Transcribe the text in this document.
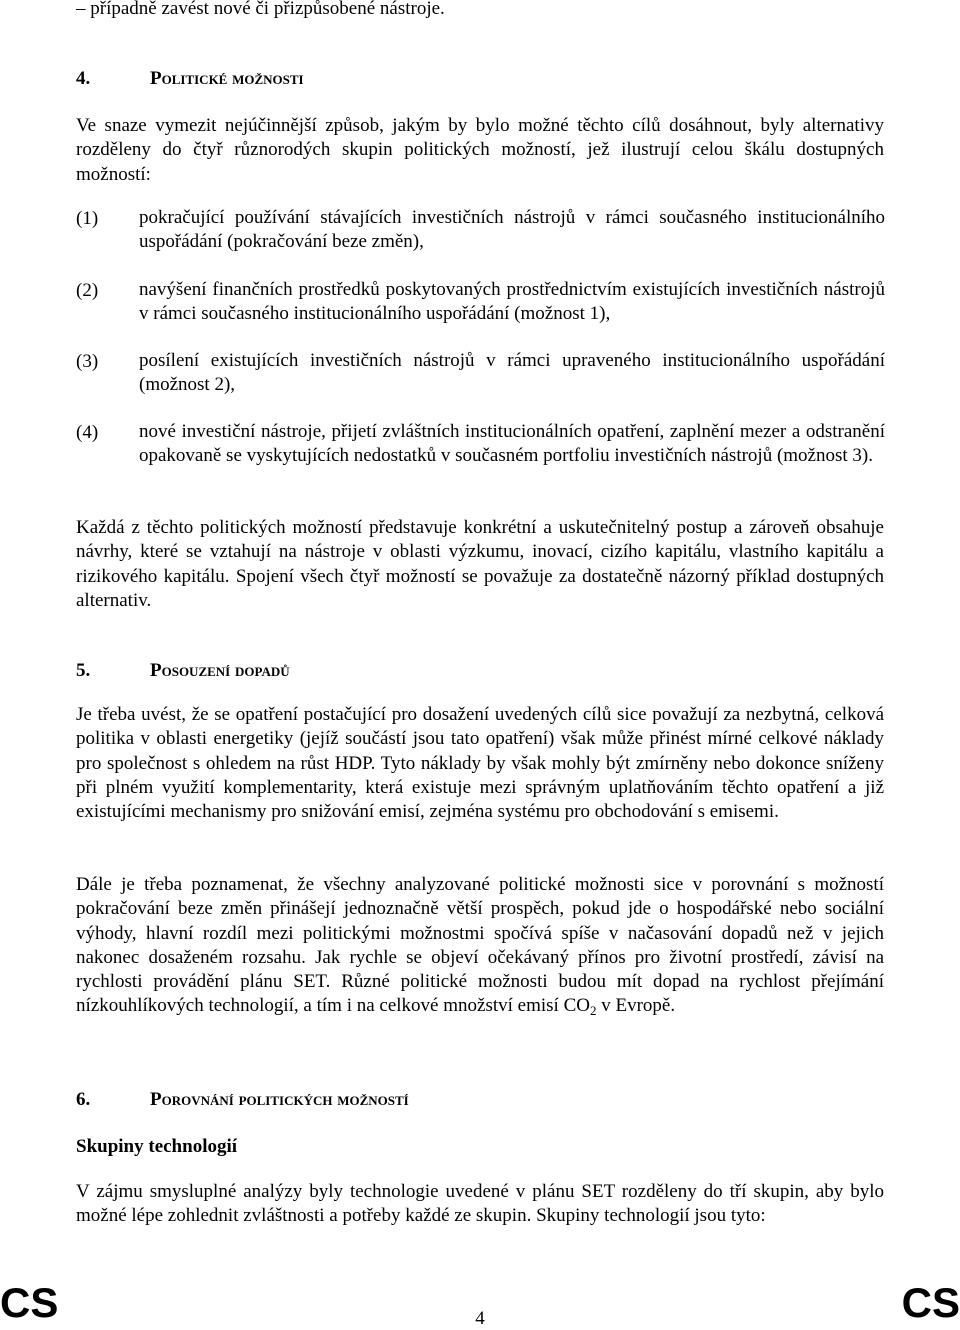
– případně zavést nové či přizpůsobené nástroje.
4.	Politické možnosti
Ve snaze vymezit nejúčinnější způsob, jakým by bylo možné těchto cílů dosáhnout, byly alternativy rozděleny do čtyř různorodých skupin politických možností, jež ilustrují celou škálu dostupných možností:
(1)	pokračující používání stávajících investičních nástrojů v rámci současného institucionálního uspořádání (pokračování beze změn),
(2)	navýšení finančních prostředků poskytovaných prostřednictvím existujících investičních nástrojů v rámci současného institucionálního uspořádání (možnost 1),
(3)	posílení existujících investičních nástrojů v rámci upraveného institucionálního uspořádání (možnost 2),
(4)	nové investiční nástroje, přijetí zvláštních institucionálních opatření, zaplnění mezer a odstranění opakovaně se vyskytujících nedostatků v současném portfoliu investičních nástrojů (možnost 3).
Každá z těchto politických možností představuje konkrétní a uskutečnitelný postup a zároveň obsahuje návrhy, které se vztahují na nástroje v oblasti výzkumu, inovací, cizího kapitálu, vlastního kapitálu a rizikového kapitálu. Spojení všech čtyř možností se považuje za dostatečně názorný příklad dostupných alternativ.
5.	Posouzení dopadů
Je třeba uvést, že se opatření postačující pro dosažení uvedených cílů sice považují za nezbytná, celková politika v oblasti energetiky (jejíž součástí jsou tato opatření) však může přinést mírné celkové náklady pro společnost s ohledem na růst HDP. Tyto náklady by však mohly být zmírněny nebo dokonce sníženy při plném využití komplementarity, která existuje mezi správným uplatňováním těchto opatření a již existujícími mechanismy pro snižování emisí, zejména systému pro obchodování s emisemi.
Dále je třeba poznamenat, že všechny analyzované politické možnosti sice v porovnání s možností pokračování beze změn přinášejí jednoznačně větší prospěch, pokud jde o hospodářské nebo sociální výhody, hlavní rozdíl mezi politickými možnostmi spočívá spíše v načasování dopadů než v jejich nakonec dosaženém rozsahu. Jak rychle se objeví očekávaný přínos pro životní prostředí, závisí na rychlosti provádění plánu SET. Různé politické možnosti budou mít dopad na rychlost přejímání nízkouhlíkových technologií, a tím i na celkové množství emisí $CO_2$ v Evropě.
6.	Porovnání politických možností
Skupiny technologií
V zájmu smysluplné analýzy byly technologie uvedené v plánu SET rozděleny do tří skupin, aby bylo možné lépe zohlednit zvláštnosti a potřeby každé ze skupin. Skupiny technologií jsou tyto:
CS	4	CS
